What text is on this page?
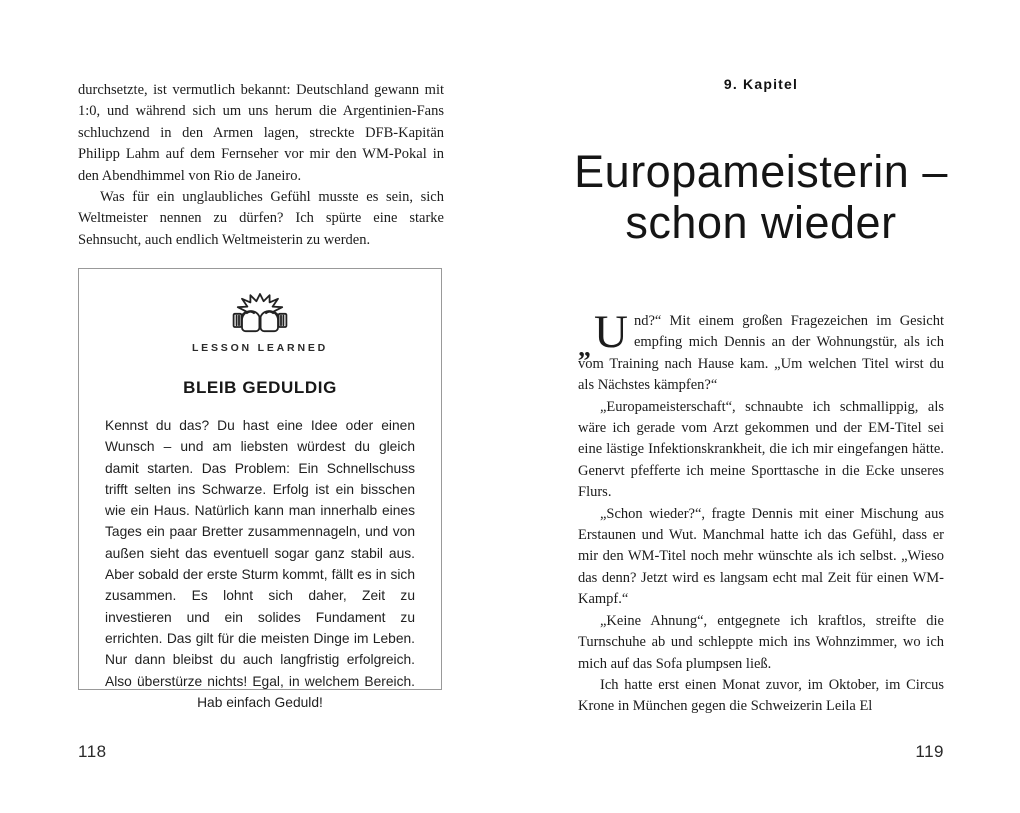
durchsetzte, ist vermutlich bekannt: Deutschland gewann mit 1:0, und während sich um uns herum die Argentinien-Fans schluchzend in den Armen lagen, streckte DFB-Kapitän Philipp Lahm auf dem Fernseher vor mir den WM-Pokal in den Abendhimmel von Rio de Janeiro.

Was für ein unglaubliches Gefühl musste es sein, sich Weltmeister nennen zu dürfen? Ich spürte eine starke Sehnsucht, auch endlich Weltmeisterin zu werden.

LESSON LEARNED
BLEIB GEDULDIG

Kennst du das? Du hast eine Idee oder einen Wunsch – und am liebsten würdest du gleich damit starten. Das Problem: Ein Schnellschuss trifft selten ins Schwarze. Erfolg ist ein bisschen wie ein Haus. Natürlich kann man innerhalb eines Tages ein paar Bretter zusammennageln, und von außen sieht das eventuell sogar ganz stabil aus. Aber sobald der erste Sturm kommt, fällt es in sich zusammen. Es lohnt sich daher, Zeit zu investieren und ein solides Fundament zu errichten. Das gilt für die meisten Dinge im Leben. Nur dann bleibst du auch langfristig erfolgreich. Also überstürze nichts! Egal, in welchem Bereich. Hab einfach Geduld!

118
9. Kapitel
Europameisterin –
schon wieder

„ U nd?“ Mit einem großen Fragezeichen im Gesicht empfing mich Dennis an der Wohnungstür, als ich vom Training nach Hause kam. „Um welchen Titel wirst du als Nächstes kämpfen?“

„Europameisterschaft“, schnaubte ich schmallippig, als wäre ich gerade vom Arzt gekommen und der EM-Titel sei eine lästige Infektionskrankheit, die ich mir eingefangen hätte. Genervt pfefferte ich meine Sporttasche in die Ecke unseres Flurs.

„Schon wieder?“, fragte Dennis mit einer Mischung aus Erstaunen und Wut. Manchmal hatte ich das Gefühl, dass er mir den WM-Titel noch mehr wünschte als ich selbst. „Wieso das denn? Jetzt wird es langsam echt mal Zeit für einen WM-Kampf.“

„Keine Ahnung“, entgegnete ich kraftlos, streifte die Turnschuhe ab und schleppte mich ins Wohnzimmer, wo ich mich auf das Sofa plumpsen ließ.

Ich hatte erst einen Monat zuvor, im Oktober, im Circus Krone in München gegen die Schweizerin Leila El

119
